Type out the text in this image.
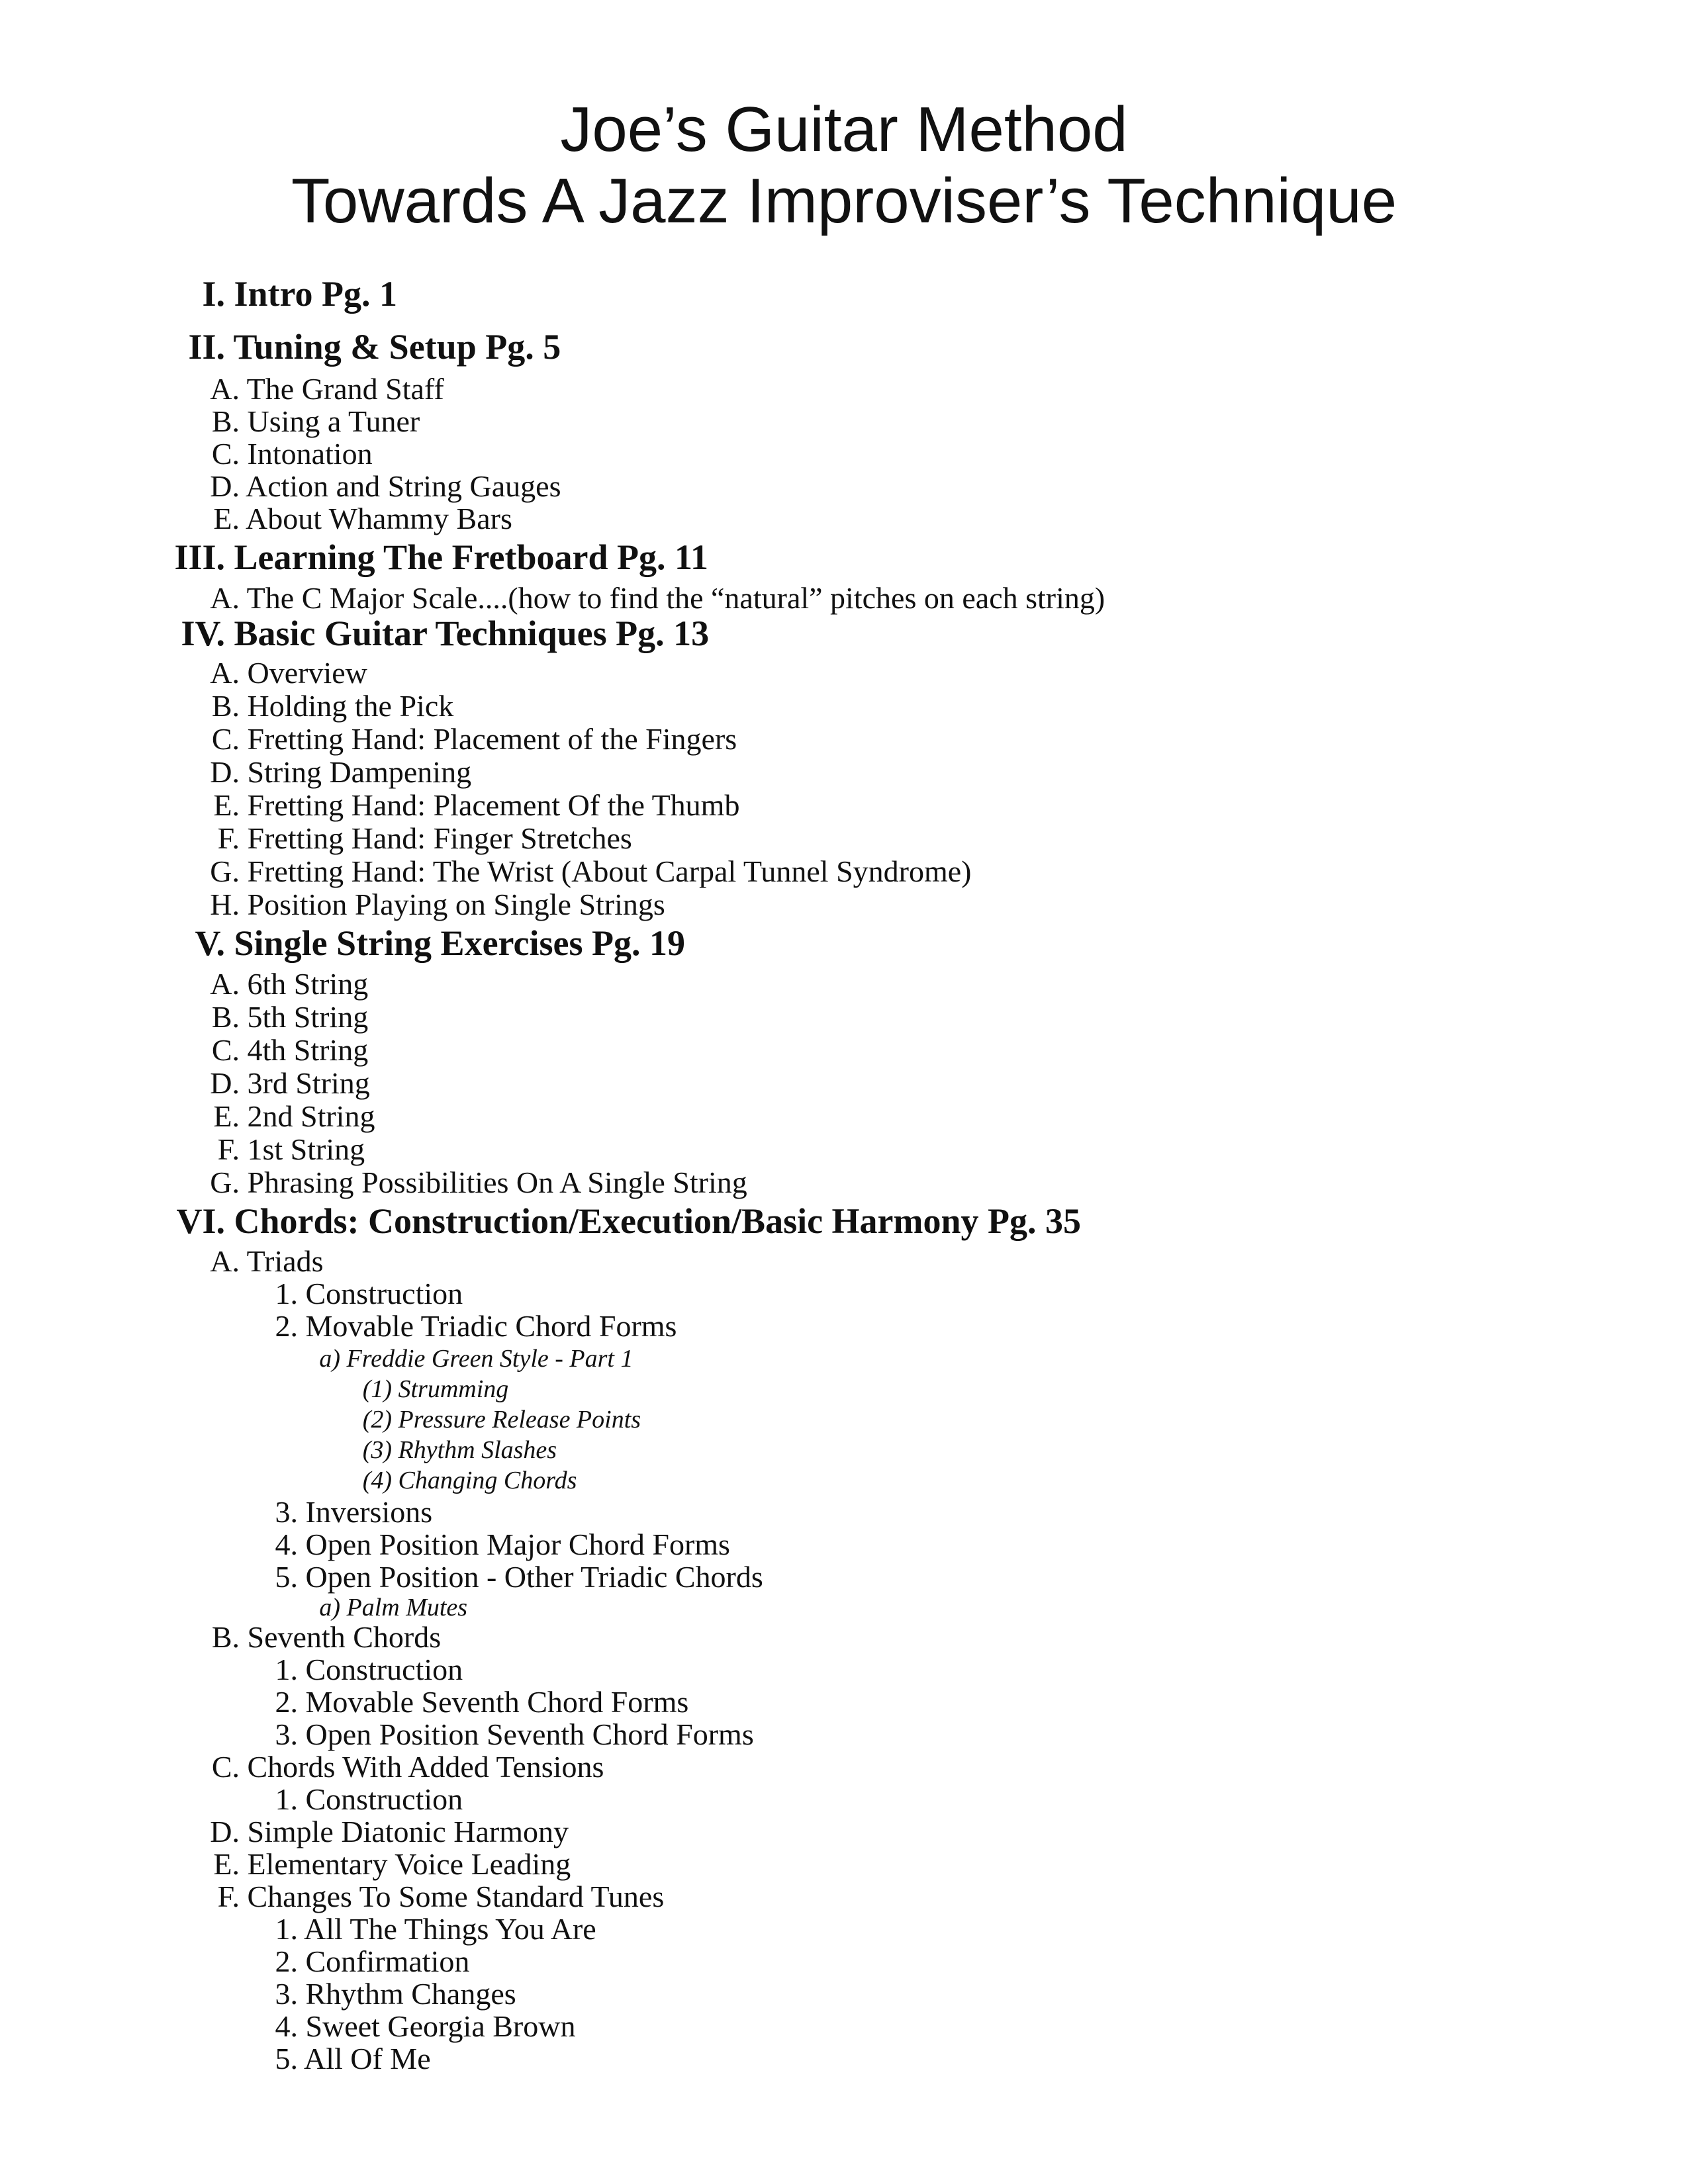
Joe’s Guitar Method
Towards A Jazz Improviser’s Technique
I. Intro Pg. 1
II. Tuning & Setup Pg. 5
A. The Grand Staff
B. Using a Tuner
C. Intonation
D. Action and String Gauges
E. About Whammy Bars
III. Learning The Fretboard Pg. 11
A. The C Major Scale....(how to find the “natural” pitches on each string)
IV. Basic Guitar Techniques Pg. 13
A. Overview
B. Holding the Pick
C. Fretting Hand: Placement of the Fingers
D. String Dampening
E. Fretting Hand: Placement Of the Thumb
F. Fretting Hand: Finger Stretches
G. Fretting Hand: The Wrist (About Carpal Tunnel Syndrome)
H. Position Playing on Single Strings
V. Single String Exercises Pg. 19
A. 6th String
B. 5th String
C. 4th String
D. 3rd String
E. 2nd String
F. 1st String
G. Phrasing Possibilities On A Single String
VI. Chords: Construction/Execution/Basic Harmony Pg. 35
A. Triads
1. Construction
2. Movable Triadic Chord Forms
a) Freddie Green Style - Part 1
(1) Strumming
(2) Pressure Release Points
(3) Rhythm Slashes
(4) Changing Chords
3. Inversions
4. Open Position Major Chord Forms
5. Open Position - Other Triadic Chords
a) Palm Mutes
B. Seventh Chords
1. Construction
2. Movable Seventh Chord Forms
3. Open Position Seventh Chord Forms
C. Chords With Added Tensions
1. Construction
D. Simple Diatonic Harmony
E. Elementary Voice Leading
F. Changes To Some Standard Tunes
1. All The Things You Are
2. Confirmation
3. Rhythm Changes
4. Sweet Georgia Brown
5. All Of Me
